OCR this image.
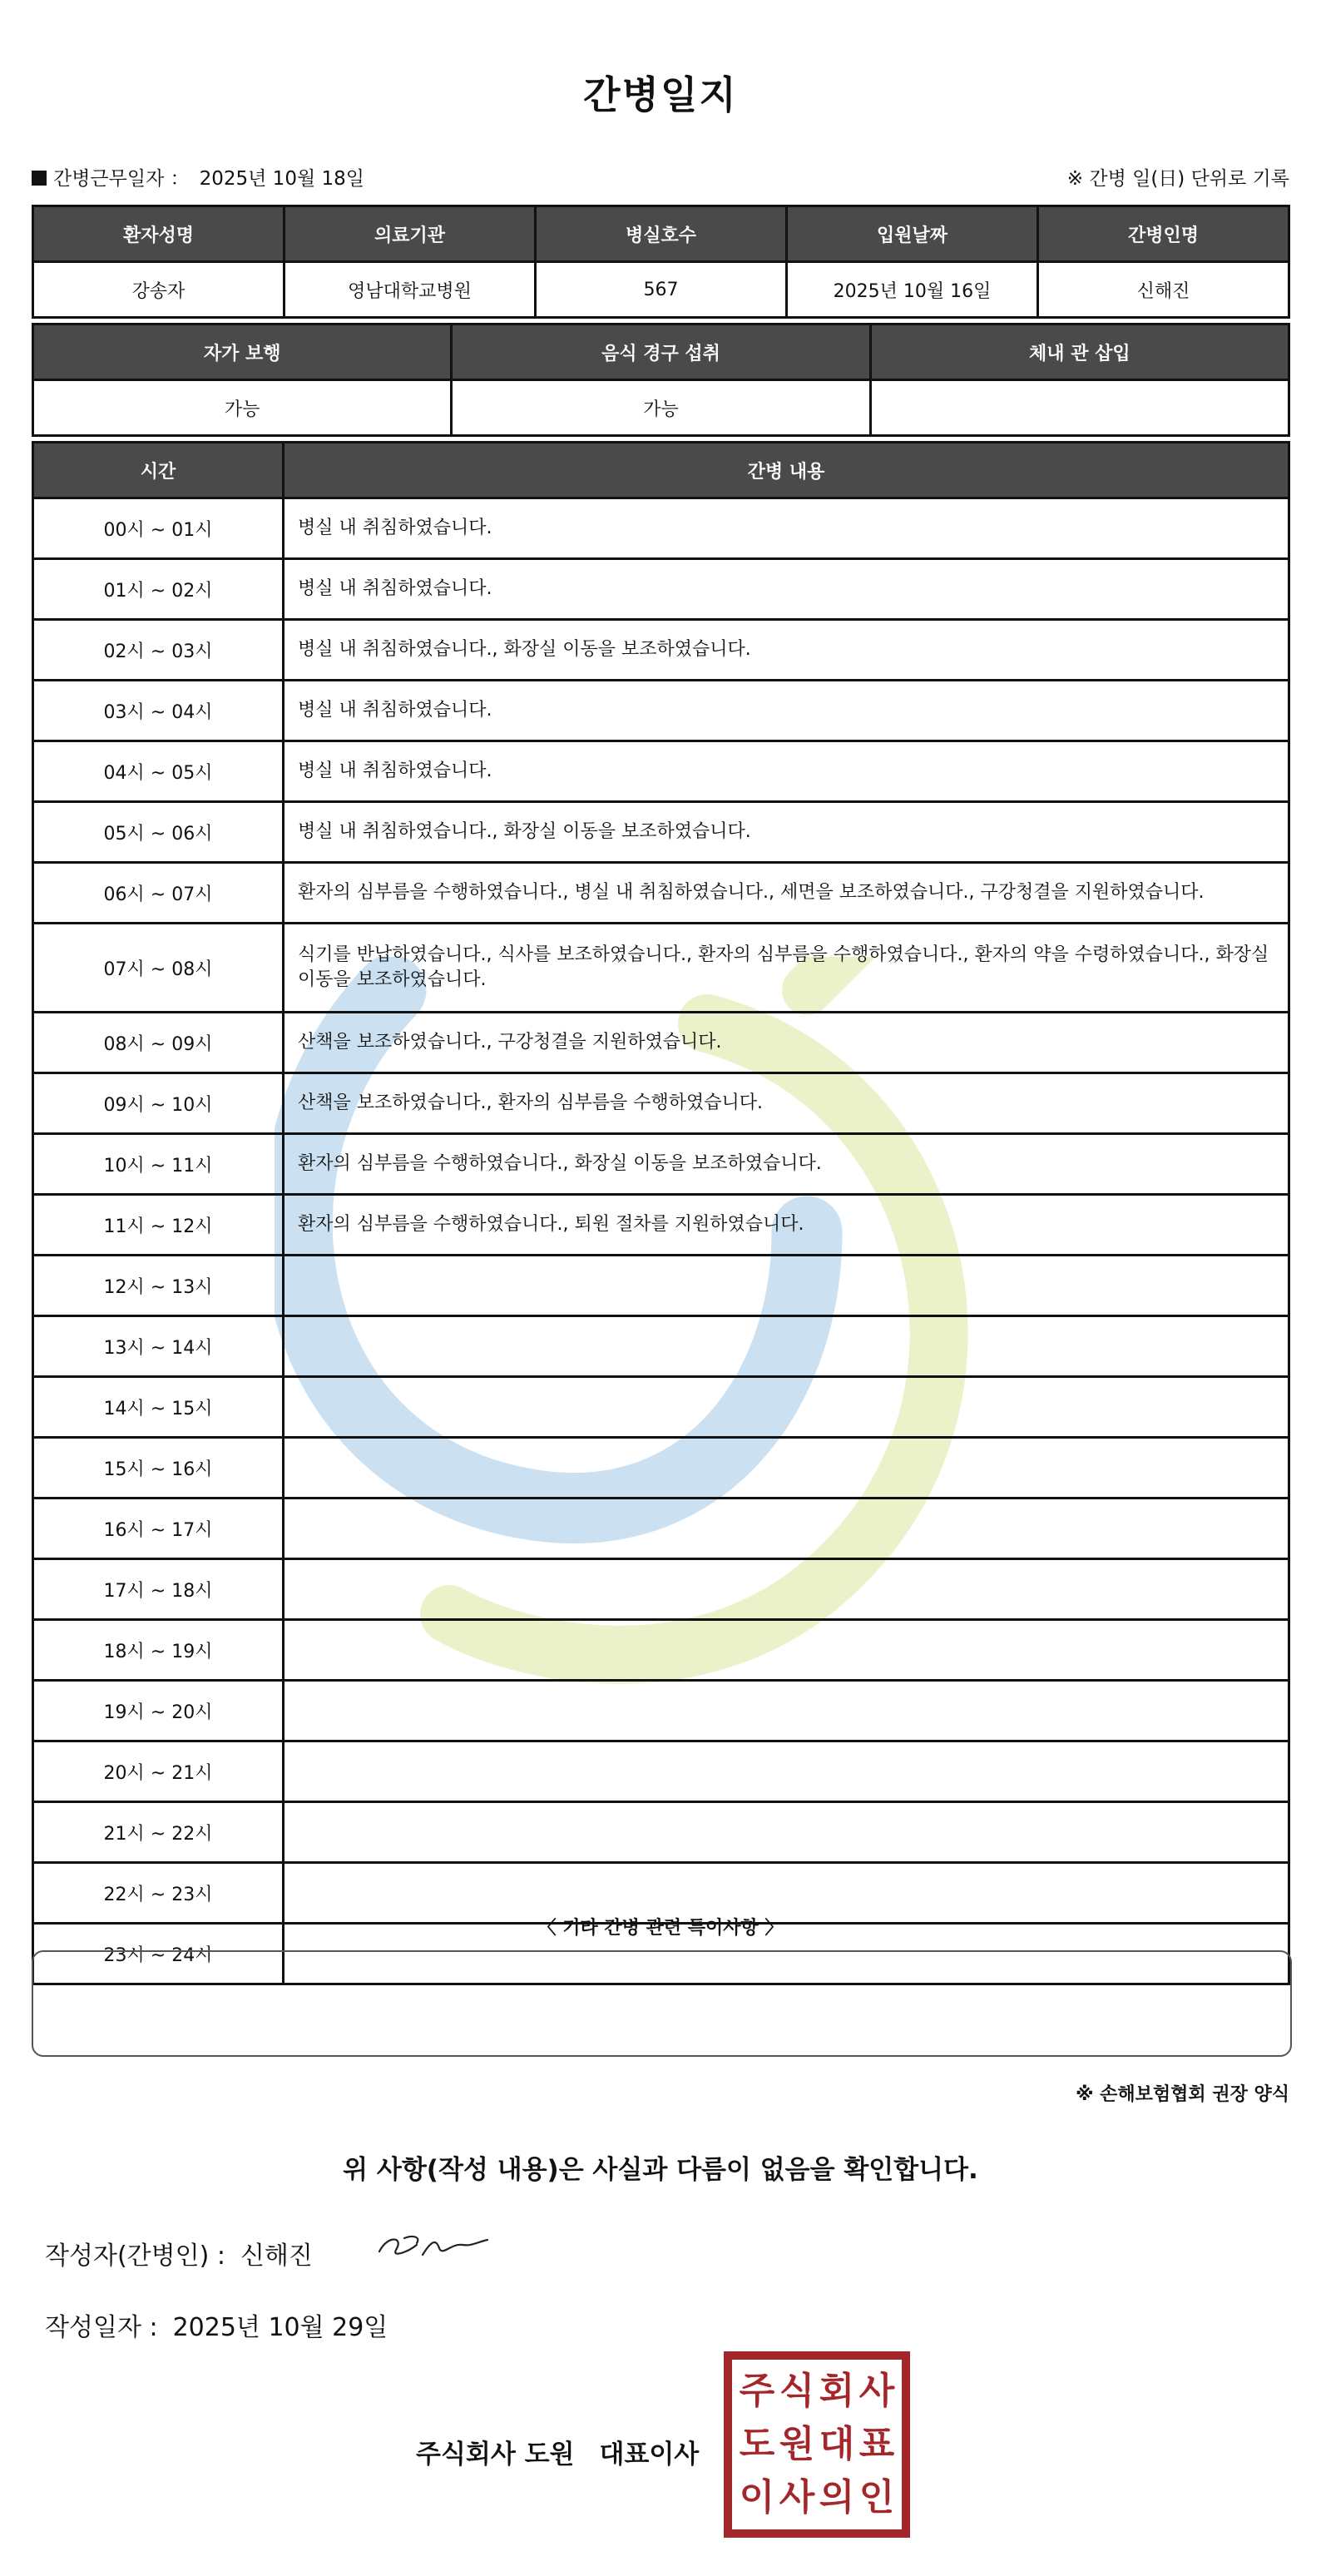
간병일지
간병근무일자 ： 2025년 10월 18일	※ 간병 일(日) 단위로 기록
환자성명	의료기관	병실호수	입원날짜	간병인명
강송자	영남대학교병원	567	2025년 10월 16일	신해진
자가 보행	음식 경구 섭취	체내 관 삽입
가능	가능	
시간	간병 내용
00시 ~ 01시	병실 내 취침하였습니다.
01시 ~ 02시	병실 내 취침하였습니다.
02시 ~ 03시	병실 내 취침하였습니다., 화장실 이동을 보조하였습니다.
03시 ~ 04시	병실 내 취침하였습니다.
04시 ~ 05시	병실 내 취침하였습니다.
05시 ~ 06시	병실 내 취침하였습니다., 화장실 이동을 보조하였습니다.
06시 ~ 07시	환자의 심부름을 수행하였습니다., 병실 내 취침하였습니다., 세면을 보조하였습니다., 구강청결을 지원하였습니다.
07시 ~ 08시	식기를 반납하였습니다., 식사를 보조하였습니다., 환자의 심부름을 수행하였습니다., 환자의 약을 수령하였습니다., 화장실 이동을 보조하였습니다.
08시 ~ 09시	산책을 보조하였습니다., 구강청결을 지원하였습니다.
09시 ~ 10시	산책을 보조하였습니다., 환자의 심부름을 수행하였습니다.
10시 ~ 11시	환자의 심부름을 수행하였습니다., 화장실 이동을 보조하였습니다.
11시 ~ 12시	환자의 심부름을 수행하였습니다., 퇴원 절차를 지원하였습니다.
12시 ~ 13시	
13시 ~ 14시	
14시 ~ 15시	
15시 ~ 16시	
16시 ~ 17시	
17시 ~ 18시	
18시 ~ 19시	
19시 ~ 20시	
20시 ~ 21시	
21시 ~ 22시	
22시 ~ 23시	
23시 ~ 24시	
〈 기타 간병 관련 특이사항 〉
※ 손해보험협회 권장 양식
위 사항(작성 내용)은 사실과 다름이 없음을 확인합니다.
작성자(간병인) : 신해진
작성일자 : 2025년 10월 29일
주식회사 도원 대표이사
주 식 회 사
도 원 대 표
이 사 의 인
